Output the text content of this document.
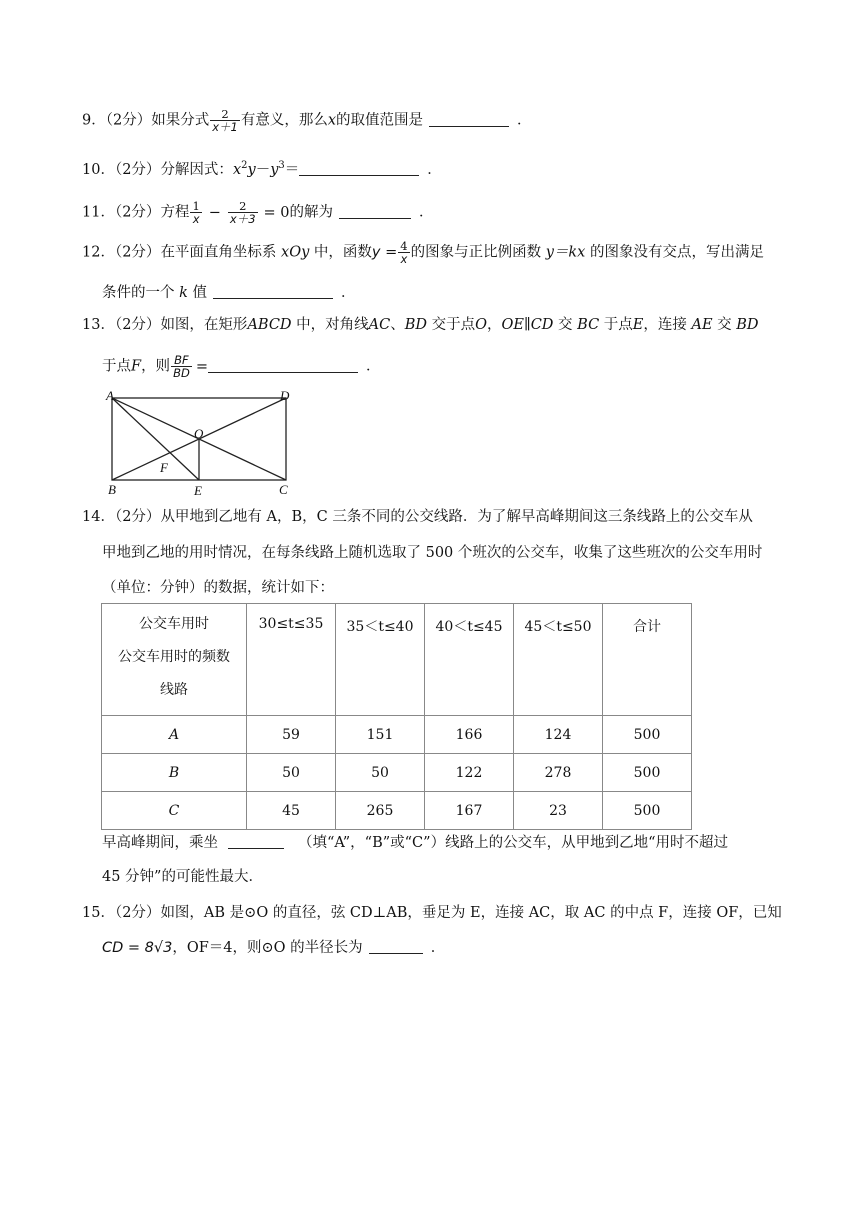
9．（2分）如果分式 $\frac{2}{x+1}$ 有意义，那么x的取值范围是	．
10．（2分）分解因式：$x^2y-y^3=$	．
11．（2分）方程 $\frac{1}{x} - \frac{2}{x+3} = 0$的解为	．
12．（2分）在平面直角坐标系 xOy 中，函数$y = \frac{4}{x}$ 的图象与正比例函数 y＝kx 的图象没有交点，写出满足
条件的一个 k 值	．
13．（2分）如图，在矩形ABCD 中，对角线AC、BD 交于点O，OE∥CD 交 BC 于点E，连接 AE 交 BD
于点F，则 $\frac{BF}{BD}$ =	．
A	D
O
F
B	E	C
14．（2分）从甲地到乙地有 A，B，C 三条不同的公交线路．为了解早高峰期间这三条线路上的公交车从
甲地到乙地的用时情况，在每条线路上随机选取了 500 个班次的公交车，收集了这些班次的公交车用时
（单位：分钟）的数据，统计如下：
公交车用时
公交车用时的频数
线路	30≤t≤35	35＜t≤40	40＜t≤45	45＜t≤50	合计
A	59	151	166	124	500
B	50	50	122	278	500
C	45	265	167	23	500
早高峰期间，乘坐	（填“A”，“B”或“C”）线路上的公交车，从甲地到乙地“用时不超过
45 分钟”的可能性最大．
15．（2分）如图，AB 是⊙O 的直径，弦 CD⊥AB，垂足为 E，连接 AC，取 AC 的中点 F，连接 OF，已知
CD = 8√3，OF＝4，则⊙O 的半径长为	．
